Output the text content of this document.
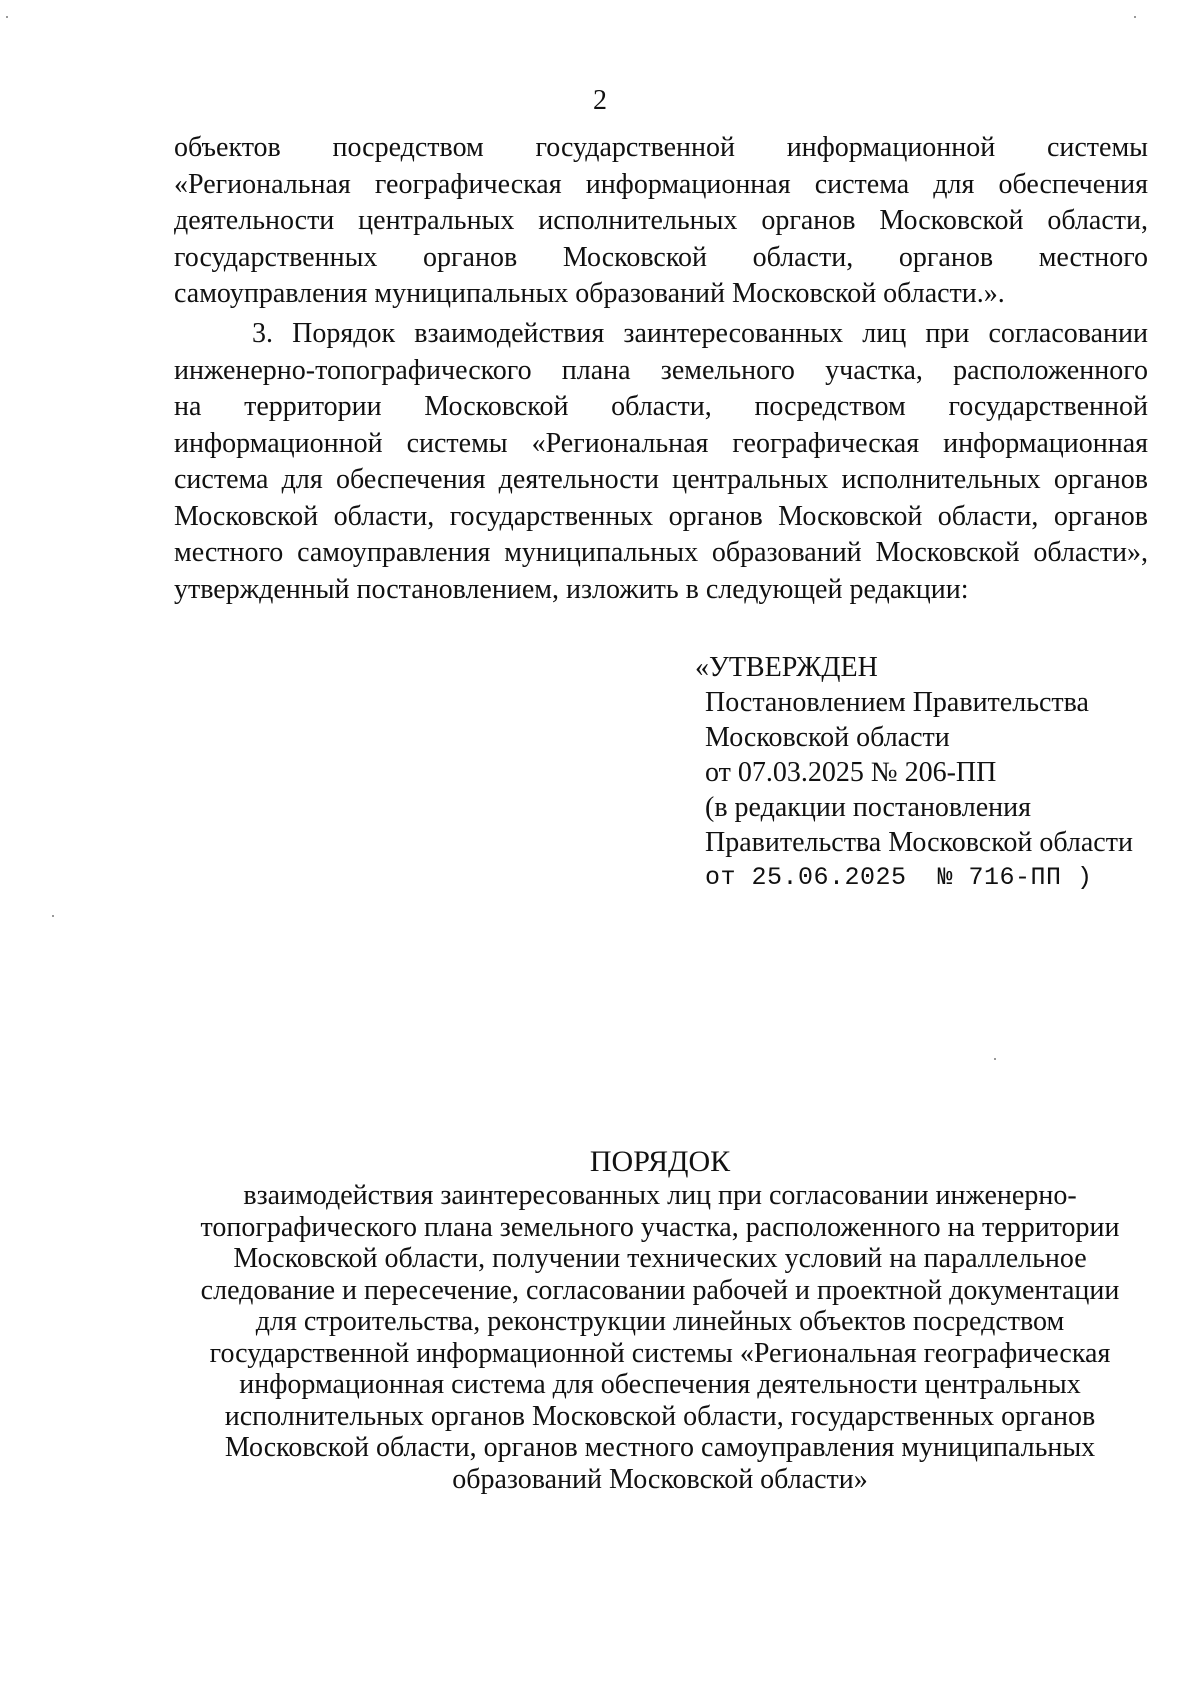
2
объектов посредством государственной информационной системы
«Региональная географическая информационная система для обеспечения
деятельности центральных исполнительных органов Московской области,
государственных органов Московской области, органов местного
самоуправления муниципальных образований Московской области.».
3. Порядок взаимодействия заинтересованных лиц при согласовании
инженерно-топографического плана земельного участка, расположенного
на территории Московской области, посредством государственной
информационной системы «Региональная географическая информационная
система для обеспечения деятельности центральных исполнительных органов
Московской области, государственных органов Московской области, органов
местного самоуправления муниципальных образований Московской области»,
утвержденный постановлением, изложить в следующей редакции:
«УТВЕРЖДЕН
Постановлением Правительства
Московской области
от 07.03.2025 № 206-ПП
(в редакции постановления
Правительства Московской области
от 25.06.2025  № 716-ПП )
ПОРЯДОК
взаимодействия заинтересованных лиц при согласовании инженерно-
топографического плана земельного участка, расположенного на территории
Московской области, получении технических условий на параллельное
следование и пересечение, согласовании рабочей и проектной документации
для строительства, реконструкции линейных объектов посредством
государственной информационной системы «Региональная географическая
информационная система для обеспечения деятельности центральных
исполнительных органов Московской области, государственных органов
Московской области, органов местного самоуправления муниципальных
образований Московской области»
